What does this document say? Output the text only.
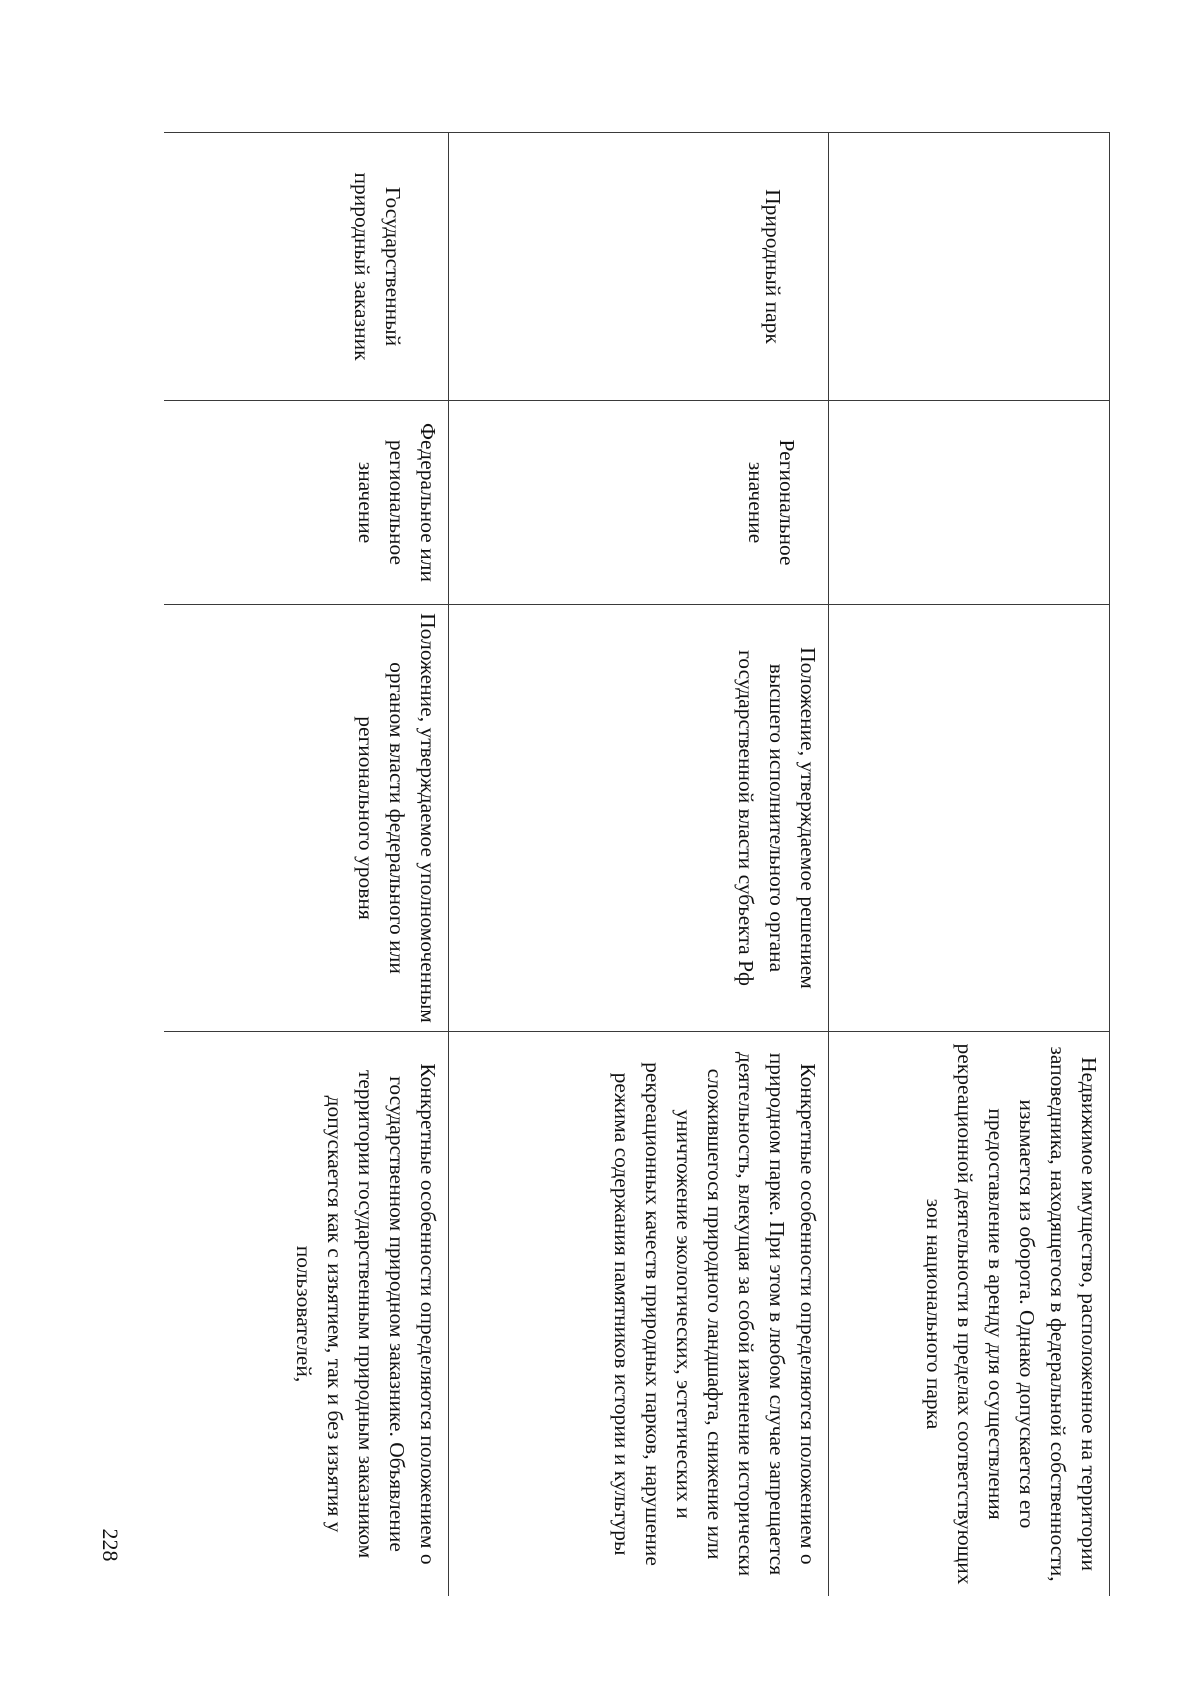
			Недвижимое имущество, расположенное на территории заповедника, находящегося в федеральной собственности, изымается из оборота. Однако допускается его предоставление в аренду для осуществления рекреационной деятельности в пределах соответствующих зон национального парка
Природный парк	Региональное значение	Положение, утверждаемое решением высшего исполнительного органа государственной власти субъекта Рф	Конкретные особенности определяются положением о природном парке. При этом в любом случае запрещается деятельность, влекущая за собой изменение исторически сложившегося природного ландшафта, снижение или уничтожение экологических, эстетических и рекреационных качеств природных парков, нарушение режима содержания памятников истории и культуры
Государственный природный заказник	Федеральное или региональное значение	Положение, утверждаемое уполномоченным органом власти федерального или регионального уровня	Конкретные особенности определяются положением о государственном природном заказнике. Объявление территории государственным природным заказником допускается как с изъятием, так и без изъятия у пользователей,
228
